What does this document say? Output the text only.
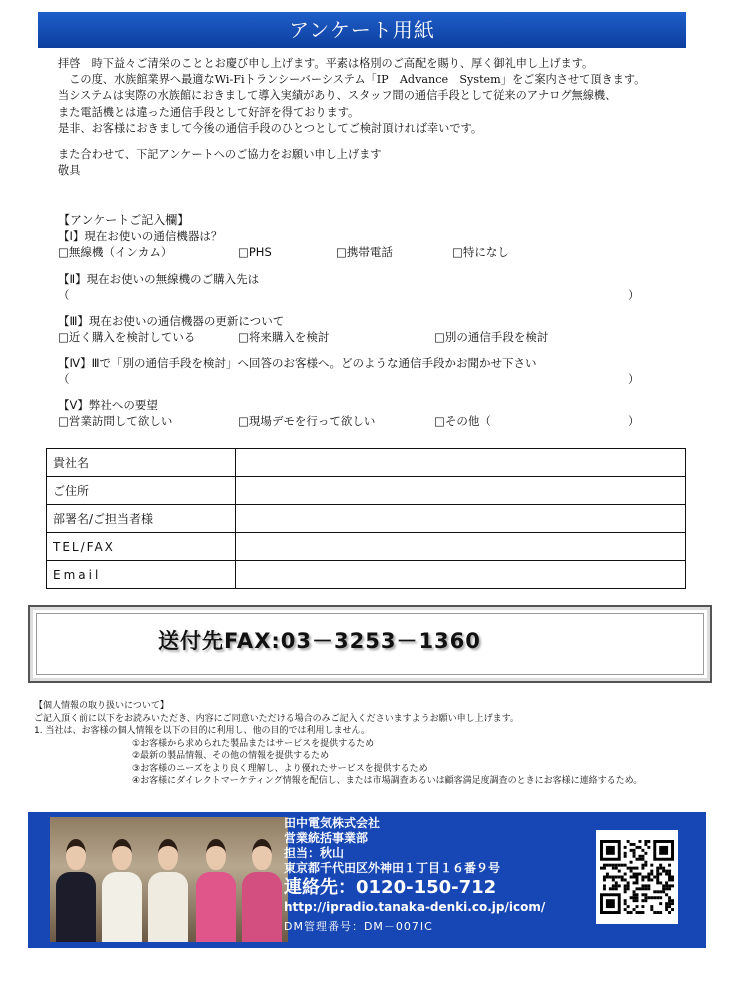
アンケート用紙

拝啓　時下益々ご清栄のこととお慶び申し上げます。平素は格別のご高配を賜り、厚く御礼申し上げます。

　この度、水族館業界へ最適なWi-Fiトランシーバーシステム「IP　Advance　System」をご案内させて頂きます。

当システムは実際の水族館におきまして導入実績があり、スタッフ間の通信手段として従来のアナログ無線機、

また電話機とは違った通信手段として好評を得ております。

是非、お客様におきまして今後の通信手段のひとつとしてご検討頂ければ幸いです。

また合わせて、下記アンケートへのご協力をお願い申し上げます

敬具

【アンケートご記入欄】
【Ⅰ】現在お使いの通信機器は？
□無線機（インカム）	□PHS	□携帯電話	□特になし
【Ⅱ】現在お使いの無線機のご購入先は
（	）
【Ⅲ】現在お使いの通信機器の更新について
□近く購入を検討している	□将来購入を検討	□別の通信手段を検討
【Ⅳ】Ⅲで「別の通信手段を検討」へ回答のお客様へ。どのような通信手段かお聞かせ下さい
（	）
【Ⅴ】弊社への要望
□営業訪問して欲しい	□現場デモを行って欲しい	□その他（	）
貴社名	
ご住所	
部署名/ご担当者様	
TEL/FAX	
Email	
送付先FAX:03－3253－1360

【個人情報の取り扱いについて】

ご記入頂く前に以下をお読みいただき、内容にご同意いただける場合のみご記入くださいますようお願い申し上げます。

1. 当社は、お客様の個人情報を以下の目的に利用し、他の目的では利用しません。

①お客様から求められた製品またはサービスを提供するため

②最新の製品情報、その他の情報を提供するため

③お客様のニーズをより良く理解し、より優れたサービスを提供するため

④お客様にダイレクトマーケティング情報を配信し、または市場調査あるいは顧客満足度調査のときにお客様に連絡するため。

田中電気株式会社
営業統括事業部
担当：秋山
東京都千代田区外神田１丁目１６番９号
連絡先：0120-150-712
http://ipradio.tanaka-denki.co.jp/icom/
DM管理番号：DM－007IC
